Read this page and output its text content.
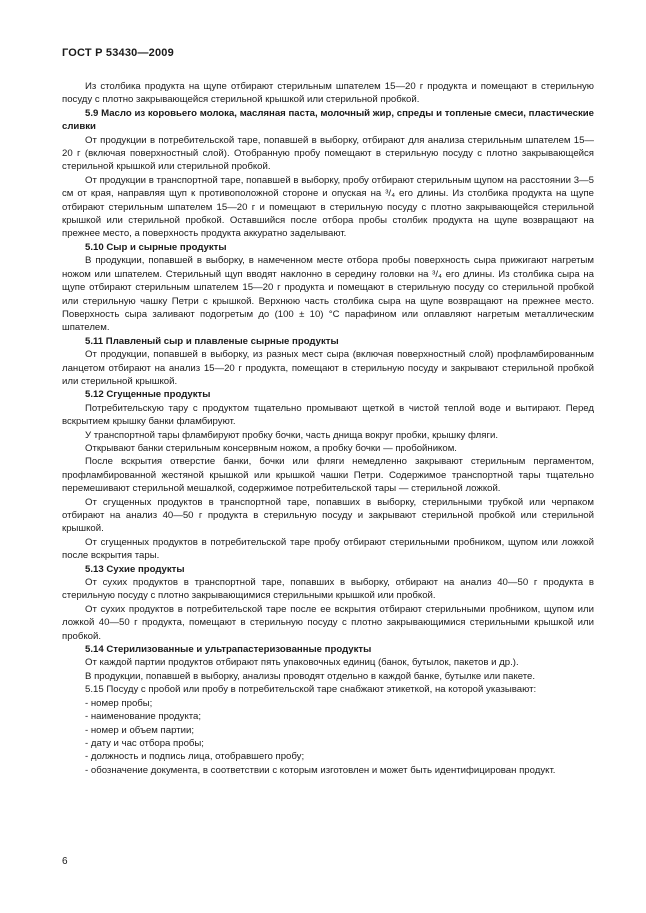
ГОСТ Р 53430—2009

Из столбика продукта на щупе отбирают стерильным шпателем 15—20 г продукта и помещают в стерильную посуду с плотно закрывающейся стерильной крышкой или стерильной пробкой.

5.9 Масло из коровьего молока, масляная паста, молочный жир, спреды и топленые смеси, пластические сливки

От продукции в потребительской таре, попавшей в выборку, отбирают для анализа стерильным шпателем 15—20 г (включая поверхностный слой). Отобранную пробу помещают в стерильную посуду с плотно закрывающейся стерильной крышкой или стерильной пробкой.

От продукции в транспортной таре, попавшей в выборку, пробу отбирают стерильным щупом на расстоянии 3—5 см от края, направляя щуп к противоположной стороне и опуская на ³/₄ его длины. Из столбика продукта на щупе отбирают стерильным шпателем 15—20 г и помещают в стерильную посуду с плотно закрывающейся стерильной крышкой или стерильной пробкой. Оставшийся после отбора пробы столбик продукта на щупе возвращают на прежнее место, а поверхность продукта аккуратно заделывают.

5.10 Сыр и сырные продукты

В продукции, попавшей в выборку, в намеченном месте отбора пробы поверхность сыра прижигают нагретым ножом или шпателем. Стерильный щуп вводят наклонно в середину головки на ³/₄ его длины. Из столбика сыра на щупе отбирают стерильным шпателем 15—20 г продукта и помещают в стерильную посуду со стерильной пробкой или стерильную чашку Петри с крышкой. Верхнюю часть столбика сыра на щупе возвращают на прежнее место. Поверхность сыра заливают подогретым до (100 ± 10) °С парафином или оплавляют нагретым металлическим шпателем.

5.11 Плавленый сыр и плавленые сырные продукты

От продукции, попавшей в выборку, из разных мест сыра (включая поверхностный слой) профламбированным ланцетом отбирают на анализ 15—20 г продукта, помещают в стерильную посуду и закрывают стерильной пробкой или стерильной крышкой.

5.12 Сгущенные продукты

Потребительскую тару с продуктом тщательно промывают щеткой в чистой теплой воде и вытирают. Перед вскрытием крышку банки фламбируют.

У транспортной тары фламбируют пробку бочки, часть днища вокруг пробки, крышку фляги.

Открывают банки стерильным консервным ножом, а пробку бочки — пробойником.

После вскрытия отверстие банки, бочки или фляги немедленно закрывают стерильным пергаментом, профламбированной жестяной крышкой или крышкой чашки Петри. Содержимое транспортной тары тщательно перемешивают стерильной мешалкой, содержимое потребительской тары — стерильной ложкой.

От сгущенных продуктов в транспортной таре, попавших в выборку, стерильными трубкой или черпаком отбирают на анализ 40—50 г продукта в стерильную посуду и закрывают стерильной пробкой или стерильной крышкой.

От сгущенных продуктов в потребительской таре пробу отбирают стерильными пробником, щупом или ложкой после вскрытия тары.

5.13 Сухие продукты

От сухих продуктов в транспортной таре, попавших в выборку, отбирают на анализ 40—50 г продукта в стерильную посуду с плотно закрывающимися стерильными крышкой или пробкой.

От сухих продуктов в потребительской таре после ее вскрытия отбирают стерильными пробником, щупом или ложкой 40—50 г продукта, помещают в стерильную посуду с плотно закрывающимися стерильными крышкой или пробкой.

5.14 Стерилизованные и ультрапастеризованные продукты

От каждой партии продуктов отбирают пять упаковочных единиц (банок, бутылок, пакетов и др.).

В продукции, попавшей в выборку, анализы проводят отдельно в каждой банке, бутылке или пакете.

5.15 Посуду с пробой или пробу в потребительской таре снабжают этикеткой, на которой указывают:

- номер пробы;

- наименование продукта;

- номер и объем партии;

- дату и час отбора пробы;

- должность и подпись лица, отобравшего пробу;

- обозначение документа, в соответствии с которым изготовлен и может быть идентифицирован продукт.

6
